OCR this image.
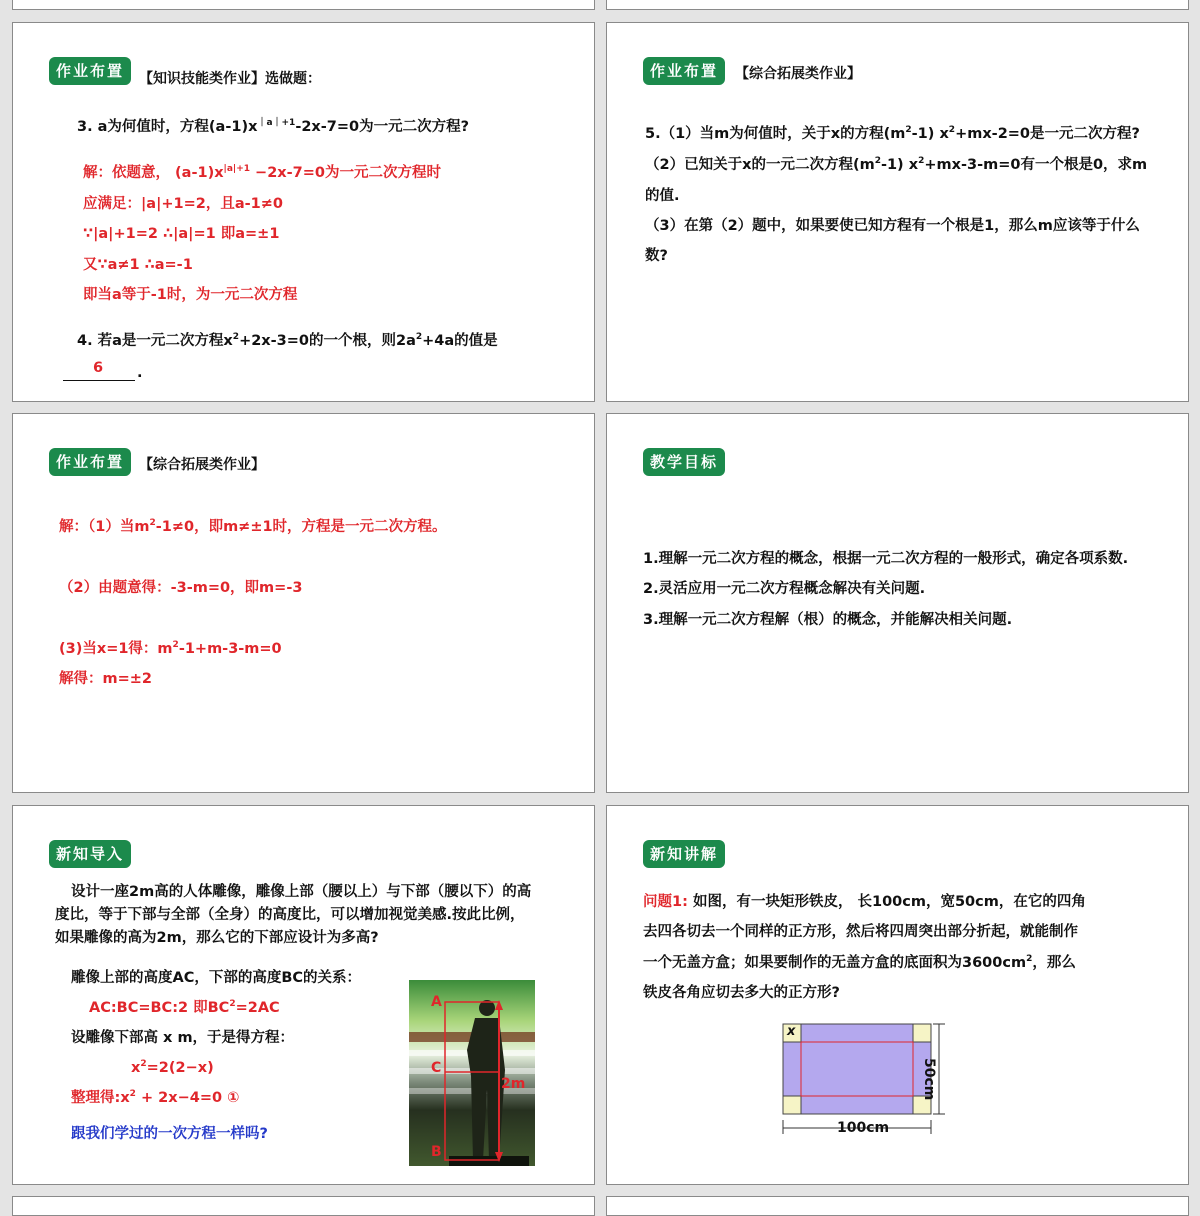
作业布置	【知识技能类作业】选做题：
3. a为何值时，方程$(a-1)x^{|a|+1}-2x-7=0$为一元二次方程?
解：依题意， $(a-1)x^{|a|+1} -2x-7=0$为一元二次方程时
应满足：|a|+1=2，且a-1≠0
∵|a|+1=2 ∴|a|=1 即a=±1
又∵a≠1 ∴a=-1
即当a等于-1时，为一元二次方程
4. 若a是一元二次方程$x^2+2x-3=0$的一个根，则$2a^2+4a$的值是
6 .
作业布置	【综合拓展类作业】
5.（1）当m为何值时，关于x的方程$(m^2-1)$ $x^2+mx-2=0$是一元二次方程?
（2）已知关于x的一元二次方程$(m^2-1)$ $x^2+mx-3-m=0$有一个根是0，求m
的值.
（3）在第（2）题中，如果要使已知方程有一个根是1，那么m应该等于什么
数?
作业布置	【综合拓展类作业】
解：（1）当$m^2-1\ne 0$，即m≠±1时，方程是一元二次方程。
（2）由题意得：-3-m=0，即m=-3
(3)当x=1得：$m^2-1+m-3-m=0$
解得：m=±2
教学目标
1.理解一元二次方程的概念，根据一元二次方程的一般形式，确定各项系数.
2.灵活应用一元二次方程概念解决有关问题.
3.理解一元二次方程解（根）的概念，并能解决相关问题.
新知导入
设计一座2m高的人体雕像，雕像上部（腰以上）与下部（腰以下）的高
度比，等于下部与全部（全身）的高度比，可以增加视觉美感.按此比例，
如果雕像的高为2m，那么它的下部应设计为多高?
雕像上部的高度AC，下部的高度BC的关系：
AC:BC=BC:2 即$BC^2=2AC$
设雕像下部高 x m，于是得方程：
$x^2=2(2-x)$
整理得$:x^2 + 2x-4=0$ ①
跟我们学过的一次方程一样吗?
A
C
B
2m
新知讲解
问题1: 如图，有一块矩形铁皮， 长100cm，宽50cm，在它的四角
去四各切去一个同样的正方形，然后将四周突出部分折起，就能制作
一个无盖方盒；如果要制作的无盖方盒的底面积为$3600cm^2$，那么
铁皮各角应切去多大的正方形?
x
100cm
50cm
